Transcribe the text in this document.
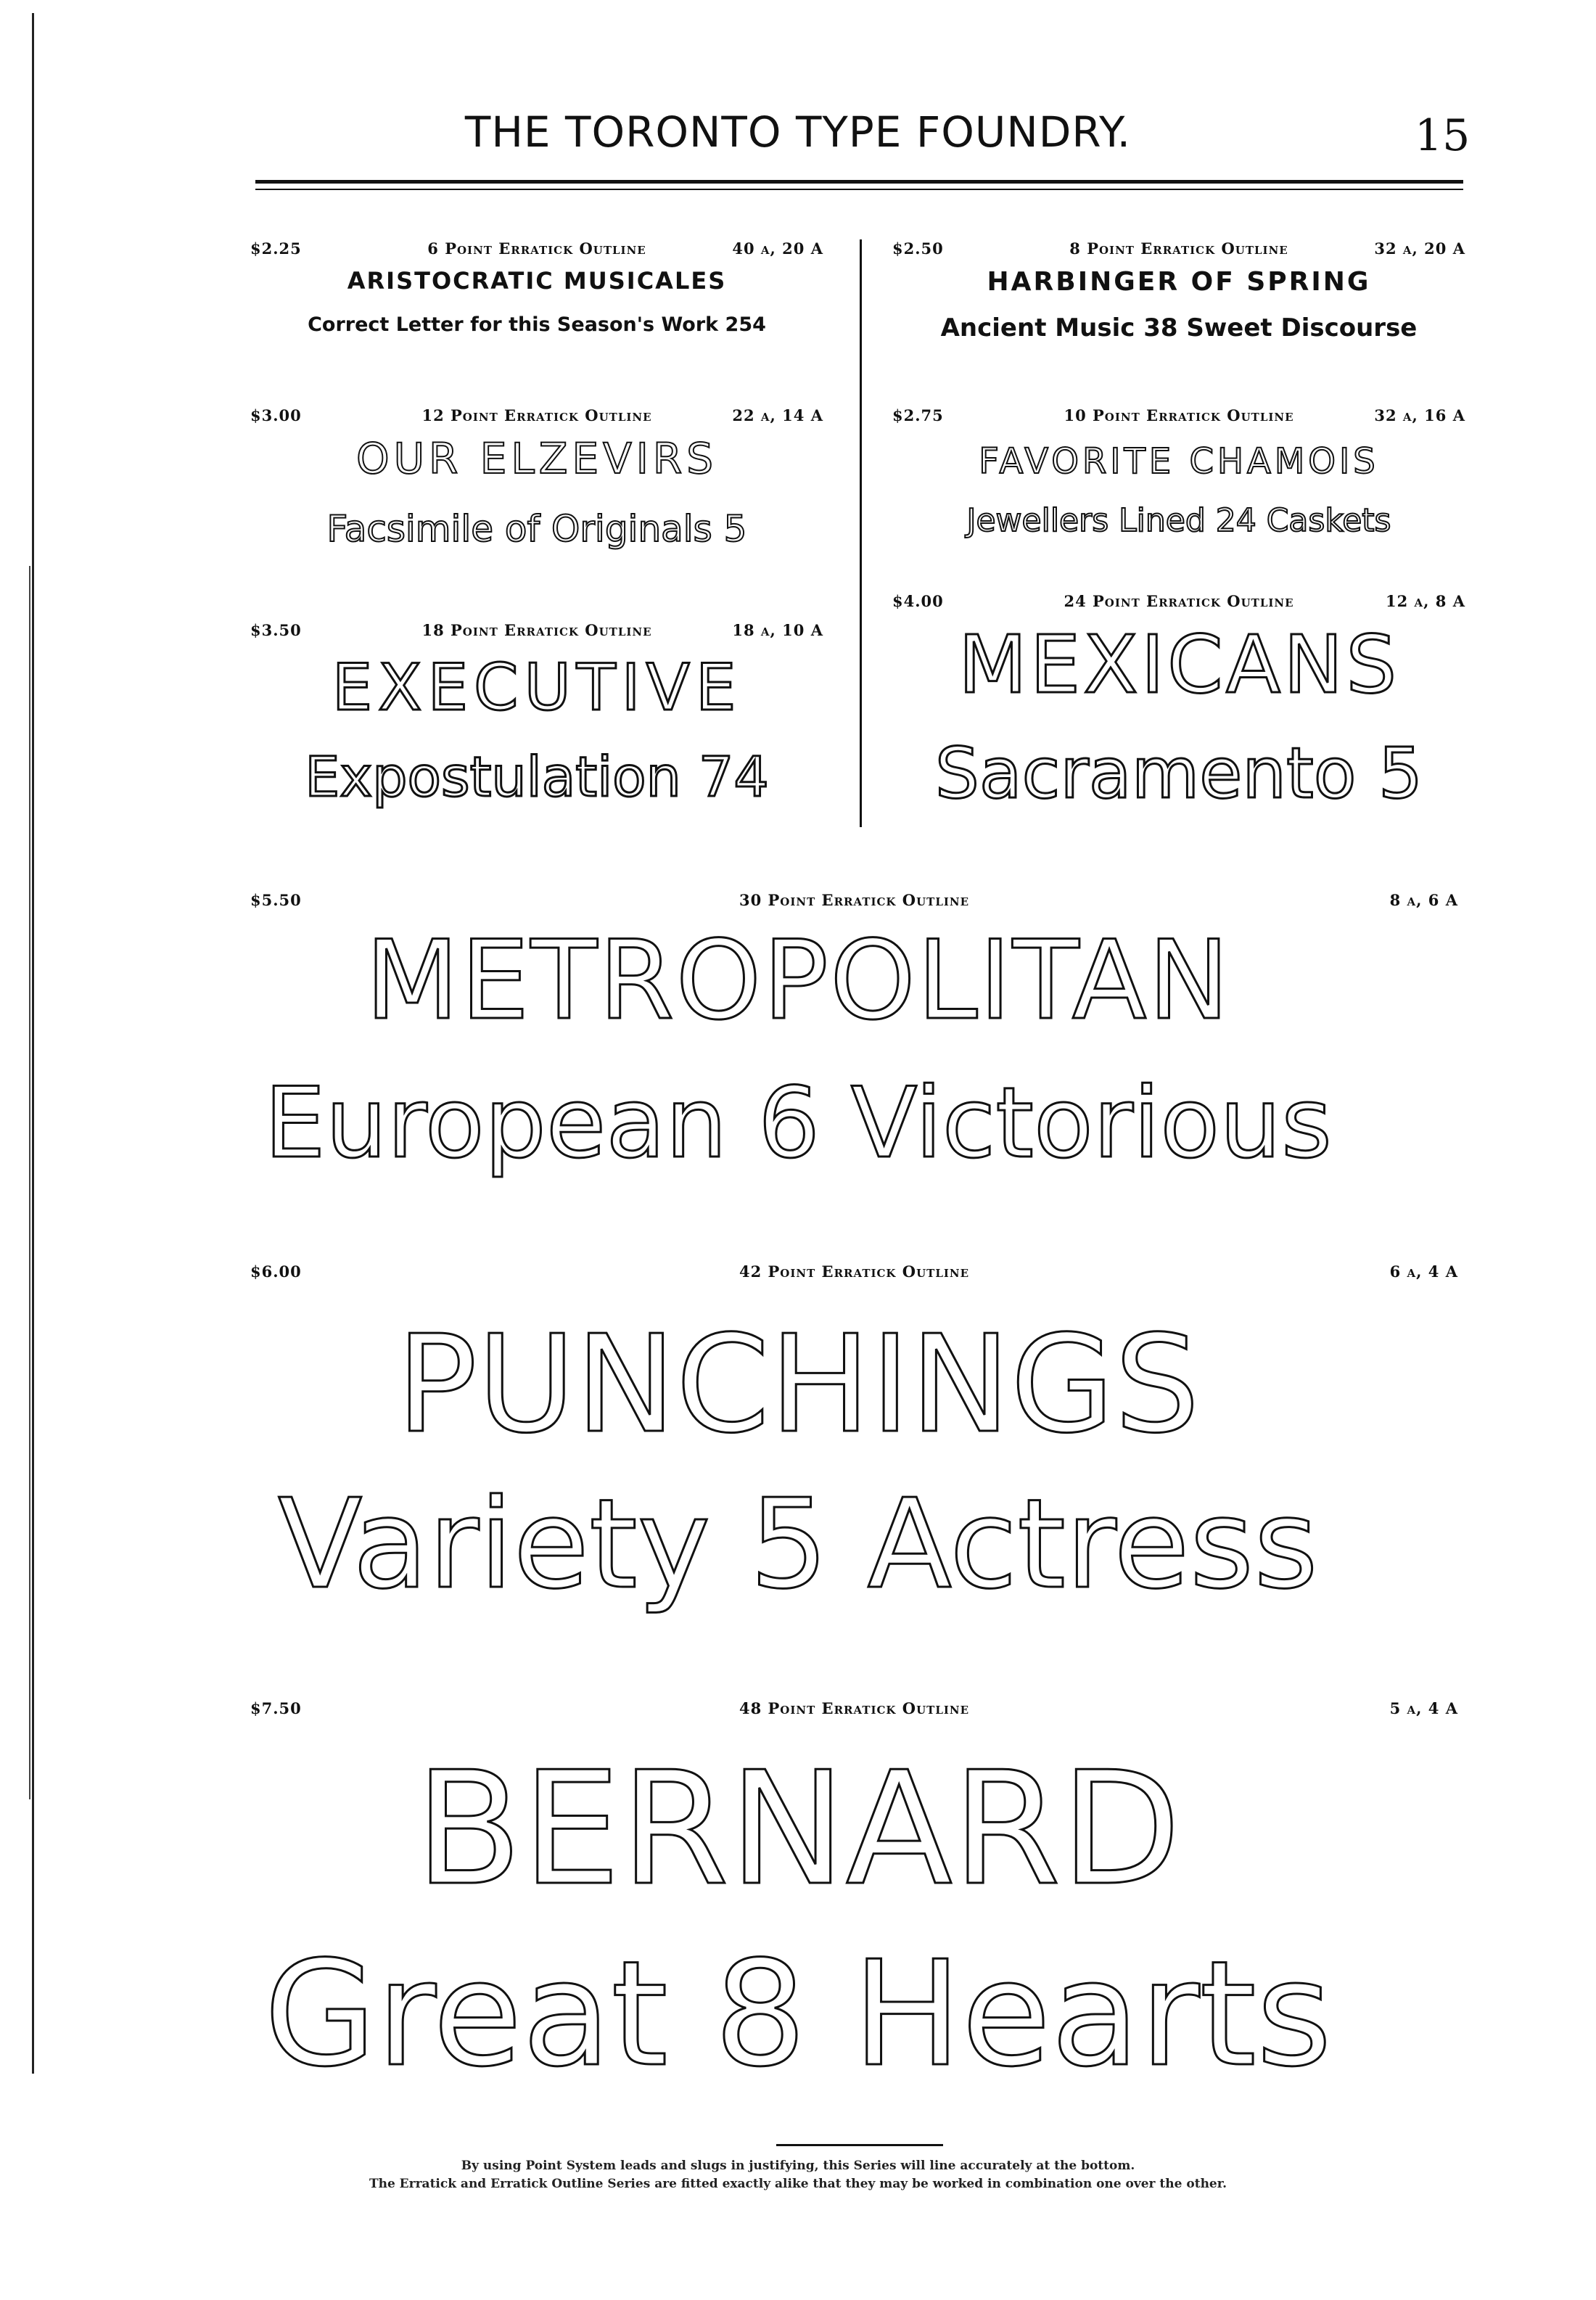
THE TORONTO TYPE FOUNDRY.	15
$2.25	6 Point Erratick Outline	40 a, 20 A
ARISTOCRATIC MUSICALES
Correct Letter for this Season's Work 254
$2.50	8 Point Erratick Outline	32 a, 20 A
HARBINGER OF SPRING
Ancient Music 38 Sweet Discourse
$3.00	12 Point Erratick Outline	22 a, 14 A
OUR ELZEVIRS
Facsimile of Originals 5
$2.75	10 Point Erratick Outline	32 a, 16 A
FAVORITE CHAMOIS
Jewellers Lined 24 Caskets
$4.00	24 Point Erratick Outline	12 a, 8 A
MEXICANS
Sacramento 5
$3.50	18 Point Erratick Outline	18 a, 10 A
EXECUTIVE
Expostulation 74
$5.50	30 Point Erratick Outline	8 a, 6 A
METROPOLITAN
European 6 Victorious
$6.00	42 Point Erratick Outline	6 a, 4 A
PUNCHINGS
Variety 5 Actress
$7.50	48 Point Erratick Outline	5 a, 4 A
BERNARD
Great 8 Hearts
By using Point System leads and slugs in justifying, this Series will line accurately at the bottom.
The Erratick and Erratick Outline Series are fitted exactly alike that they may be worked in combination one over the other.
